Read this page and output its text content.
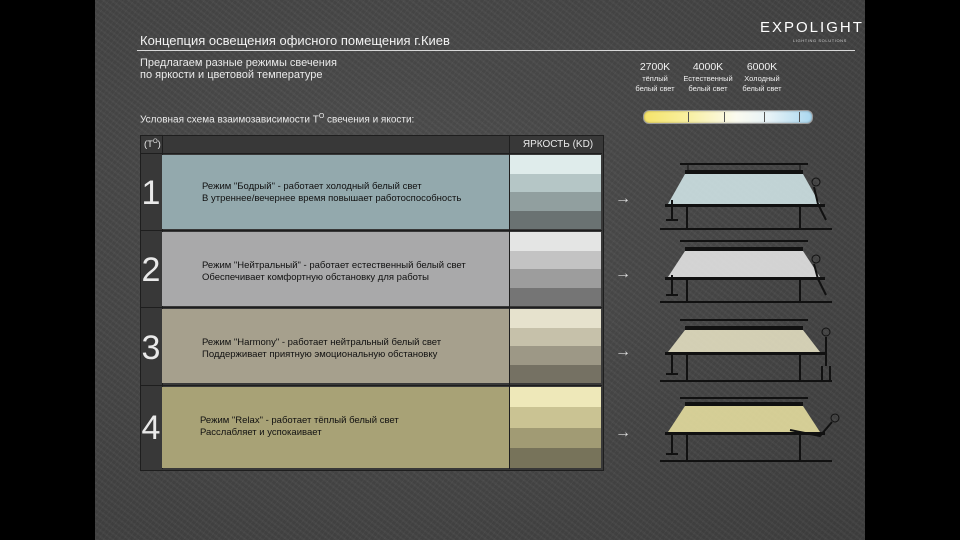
Концепция освещения офисного помещения г.Киев
EXPOLIGHT
LIGHTING SOLUTIONS
Предлагаем разные режимы свечения
по яркости и цветовой температуре
2700K
тёплый
белый свет
4000K
Естественный
белый свет
6000K
Холодный
белый свет
Условная схема взаимозависимости $Т^О$ свечения и якости:
$(Т^О)$	ЯРКОСТЬ (KD)
1	Режим "Бодрый" - работает холодный белый свет
В утреннее/вечернее время повышает работоспособность
2	Режим "Нейтральный" - работает естественный белый свет
Обеспечивает комфортную обстановку для работы
3	Режим "Harmony" - работает нейтральный белый свет
Поддерживает приятную эмоциональную обстановку
4	Режим "Relax" - работает тёплый белый свет
Расслабляет и успокаивает
→
→
→
→
